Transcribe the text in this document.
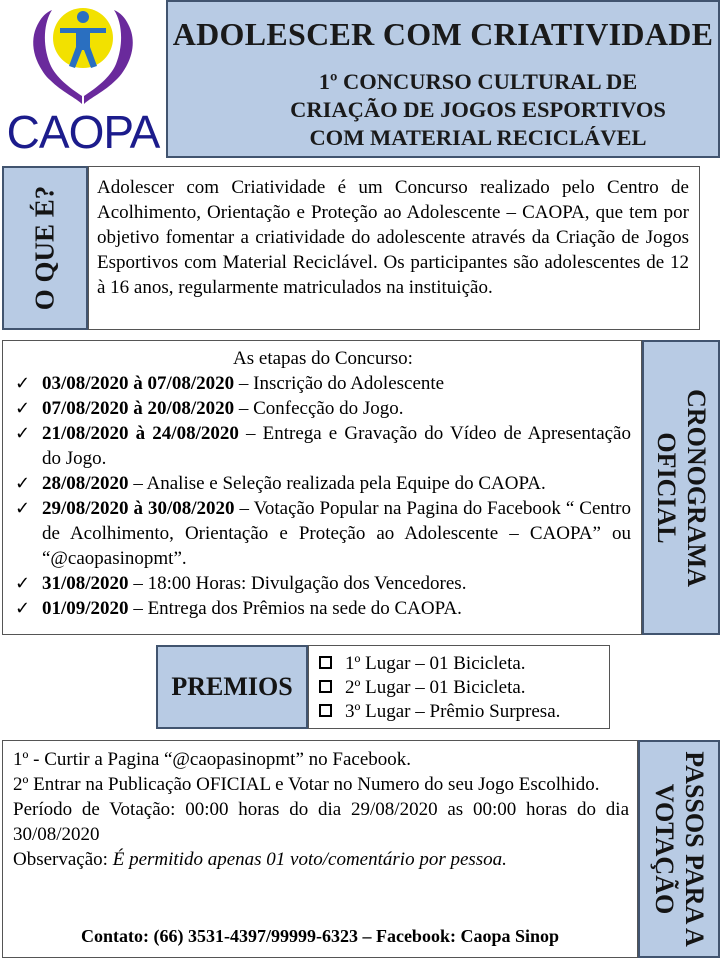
CAOPA
ADOLESCER COM CRIATIVIDADE
1º CONCURSO CULTURAL DE
CRIAÇÃO DE JOGOS ESPORTIVOS
COM MATERIAL RECICLÁVEL
O QUE É? Adolescer com Criatividade é um Concurso realizado pelo Centro de Acolhimento, Orientação e Proteção ao Adolescente – CAOPA, que tem por objetivo fomentar a criatividade do adolescente através da Criação de Jogos Esportivos com Material Reciclável. Os participantes são adolescentes de 12 à 16 anos, regularmente matriculados na instituição.

As etapas do Concurso:

✓ 03/08/2020 à 07/08/2020 – Inscrição do Adolescente
✓ 07/08/2020 à 20/08/2020 – Confecção do Jogo.
✓ 21/08/2020 à 24/08/2020 – Entrega e Gravação do Vídeo de Apresentação do Jogo.
✓ 28/08/2020 – Analise e Seleção realizada pela Equipe do CAOPA.
✓ 29/08/2020 à 30/08/2020 – Votação Popular na Pagina do Facebook “ Centro de Acolhimento, Orientação e Proteção ao Adolescente – CAOPA” ou “@caopasinopmt”.
✓ 31/08/2020 – 18:00 Horas: Divulgação dos Vencedores.
✓ 01/09/2020 – Entrega dos Prêmios na sede do CAOPA.
CRONOGRAMA OFICIAL
PREMIOS
1º Lugar – 01 Bicicleta.
2º Lugar – 01 Bicicleta.
3º Lugar – Prêmio Surpresa.

1º - Curtir a Pagina “@caopasinopmt” no Facebook.

2º Entrar na Publicação OFICIAL e Votar no Numero do seu Jogo Escolhido.

Período de Votação: 00:00 horas do dia 29/08/2020 as 00:00 horas do dia 30/08/2020

Observação: É permitido apenas 01 voto/comentário por pessoa.

Contato: (66) 3531-4397/99999-6323 – Facebook: Caopa Sinop	PASSOS PARA A VOTAÇÃO
